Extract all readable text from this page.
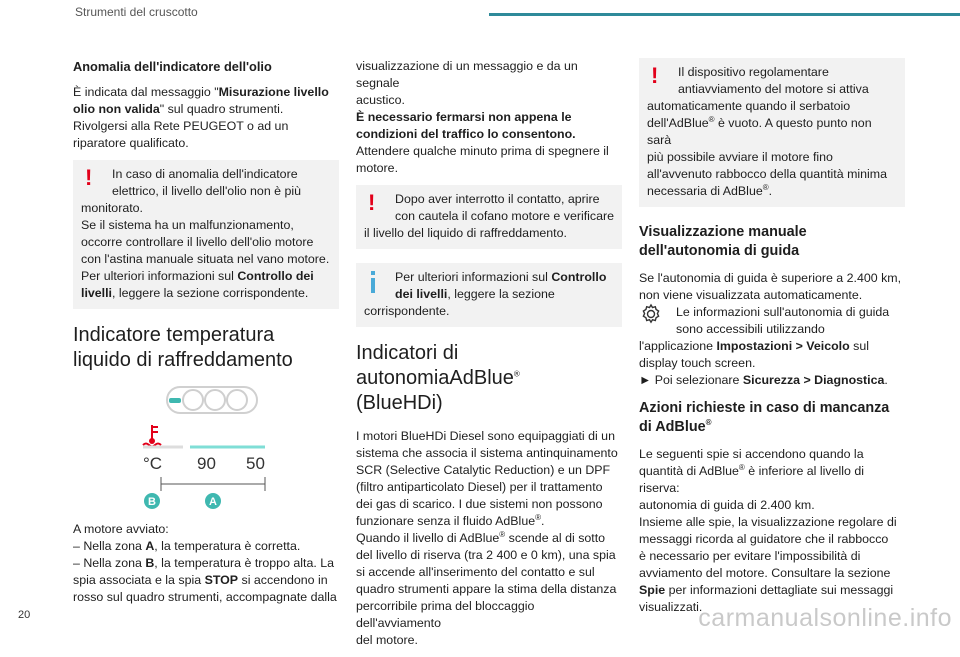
Strumenti del cruscotto
Anomalia dell'indicatore dell'olio

È indicata dal messaggio "Misurazione livello
olio non valida" sul quadro strumenti.
Rivolgersi alla Rete PEUGEOT o ad un
riparatore qualificato.

!	In caso di anomalia dell'indicatore
elettrico, il livello dell'olio non è più
monitorato.
Se il sistema ha un malfunzionamento,
occorre controllare il livello dell'olio motore
con l'astina manuale situata nel vano motore.
Per ulteriori informazioni sul Controllo dei
livelli, leggere la sezione corrispondente.
Indicatore temperatura
liquido di raffreddamento
°C 90 50
B	A

A motore avviato:
– Nella zona A, la temperatura è corretta.
– Nella zona B, la temperatura è troppo alta. La
spia associata e la spia STOP si accendono in
rosso sul quadro strumenti, accompagnate dalla

visualizzazione di un messaggio e da un segnale
acustico.
È necessario fermarsi non appena le
condizioni del traffico lo consentono.
Attendere qualche minuto prima di spegnere il
motore.

!	Dopo aver interrotto il contatto, aprire
con cautela il cofano motore e verificare
il livello del liquido di raffreddamento.
Per ulteriori informazioni sul Controllo
dei livelli, leggere la sezione
corrispondente.
Indicatori di
autonomiaAdBlue®
(BlueHDi)

I motori BlueHDi Diesel sono equipaggiati di un
sistema che associa il sistema antinquinamento
SCR (Selective Catalytic Reduction) e un DPF
(filtro antiparticolato Diesel) per il trattamento
dei gas di scarico. I due sistemi non possono
funzionare senza il fluido AdBlue®.
Quando il livello di AdBlue® scende al di sotto
del livello di riserva (tra 2 400 e 0 km), una spia
si accende all'inserimento del contatto e sul
quadro strumenti appare la stima della distanza
percorribile prima del bloccaggio dell'avviamento
del motore.

!	Il dispositivo regolamentare
antiavviamento del motore si attiva
automaticamente quando il serbatoio
dell'AdBlue® è vuoto. A questo punto non sarà
più possibile avviare il motore fino
all'avvenuto rabbocco della quantità minima
necessaria di AdBlue®.
Visualizzazione manuale
dell'autonomia di guida

Se l'autonomia di guida è superiore a 2.400 km,
non viene visualizzata automaticamente.

Le informazioni sull'autonomia di guida
sono accessibili utilizzando
l'applicazione Impostazioni > Veicolo sul
display touch screen.
► Poi selezionare Sicurezza > Diagnostica.
Azioni richieste in caso di mancanza
di AdBlue®

Le seguenti spie si accendono quando la
quantità di AdBlue® è inferiore al livello di riserva:
autonomia di guida di 2.400 km.
Insieme alle spie, la visualizzazione regolare di
messaggi ricorda al guidatore che il rabbocco
è necessario per evitare l'impossibilità di
avviamento del motore. Consultare la sezione
Spie per informazioni dettagliate sui messaggi
visualizzati.

20	carmanualsonline.info
